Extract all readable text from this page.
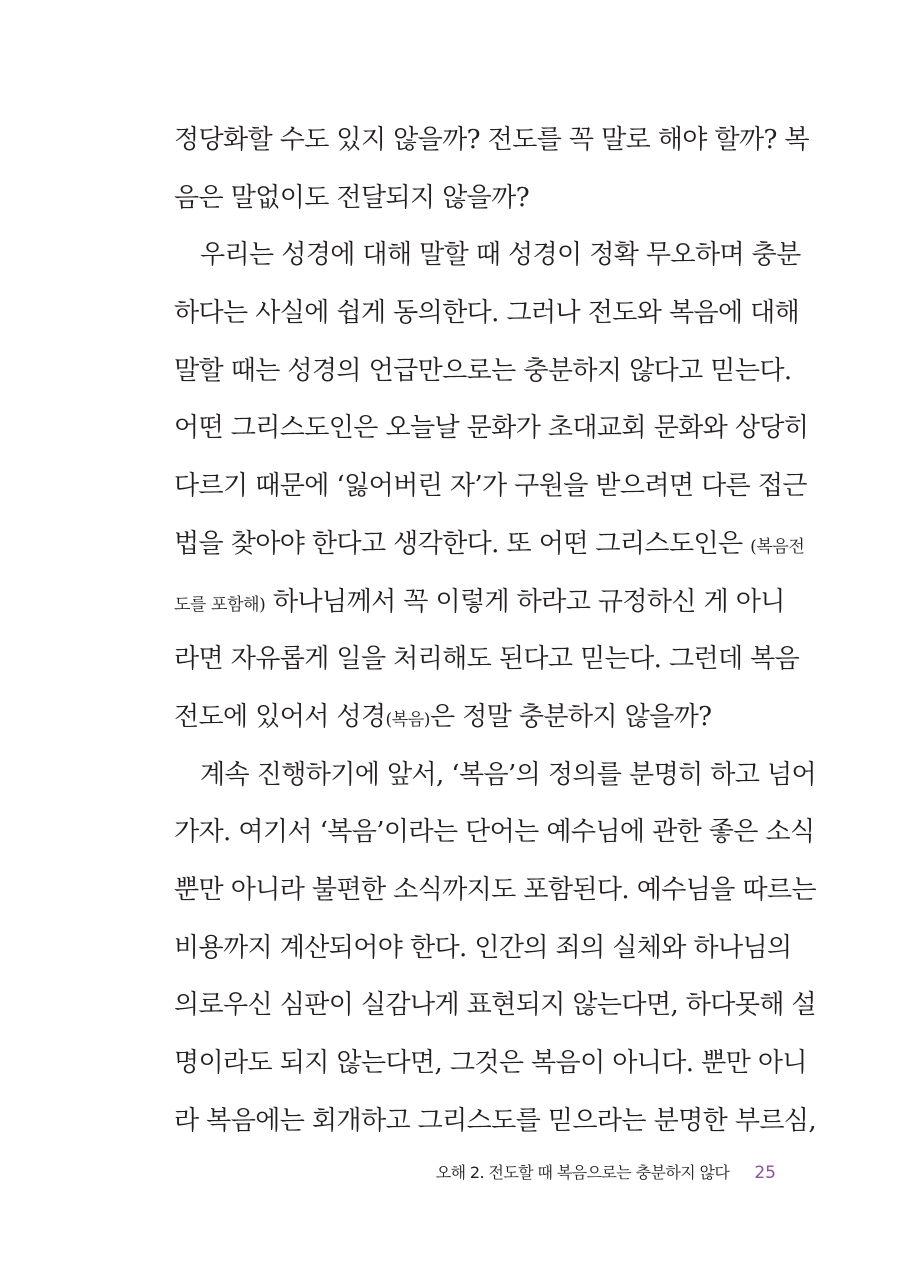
정당화할 수도 있지 않을까? 전도를 꼭 말로 해야 할까? 복
음은 말없이도 전달되지 않을까?
우리는 성경에 대해 말할 때 성경이 정확 무오하며 충분
하다는 사실에 쉽게 동의한다. 그러나 전도와 복음에 대해
말할 때는 성경의 언급만으로는 충분하지 않다고 믿는다.
어떤 그리스도인은 오늘날 문화가 초대교회 문화와 상당히
다르기 때문에 ‘잃어버린 자’가 구원을 받으려면 다른 접근
법을 찾아야 한다고 생각한다. 또 어떤 그리스도인은 (복음전
도를 포함해) 하나님께서 꼭 이렇게 하라고 규정하신 게 아니
라면 자유롭게 일을 처리해도 된다고 믿는다. 그런데 복음
전도에 있어서 성경(복음)은 정말 충분하지 않을까?
계속 진행하기에 앞서, ‘복음’의 정의를 분명히 하고 넘어
가자. 여기서 ‘복음’이라는 단어는 예수님에 관한 좋은 소식
뿐만 아니라 불편한 소식까지도 포함된다. 예수님을 따르는
비용까지 계산되어야 한다. 인간의 죄의 실체와 하나님의
의로우신 심판이 실감나게 표현되지 않는다면, 하다못해 설
명이라도 되지 않는다면, 그것은 복음이 아니다. 뿐만 아니
라 복음에는 회개하고 그리스도를 믿으라는 분명한 부르심,
오해 2. 전도할 때 복음으로는 충분하지 않다 25
